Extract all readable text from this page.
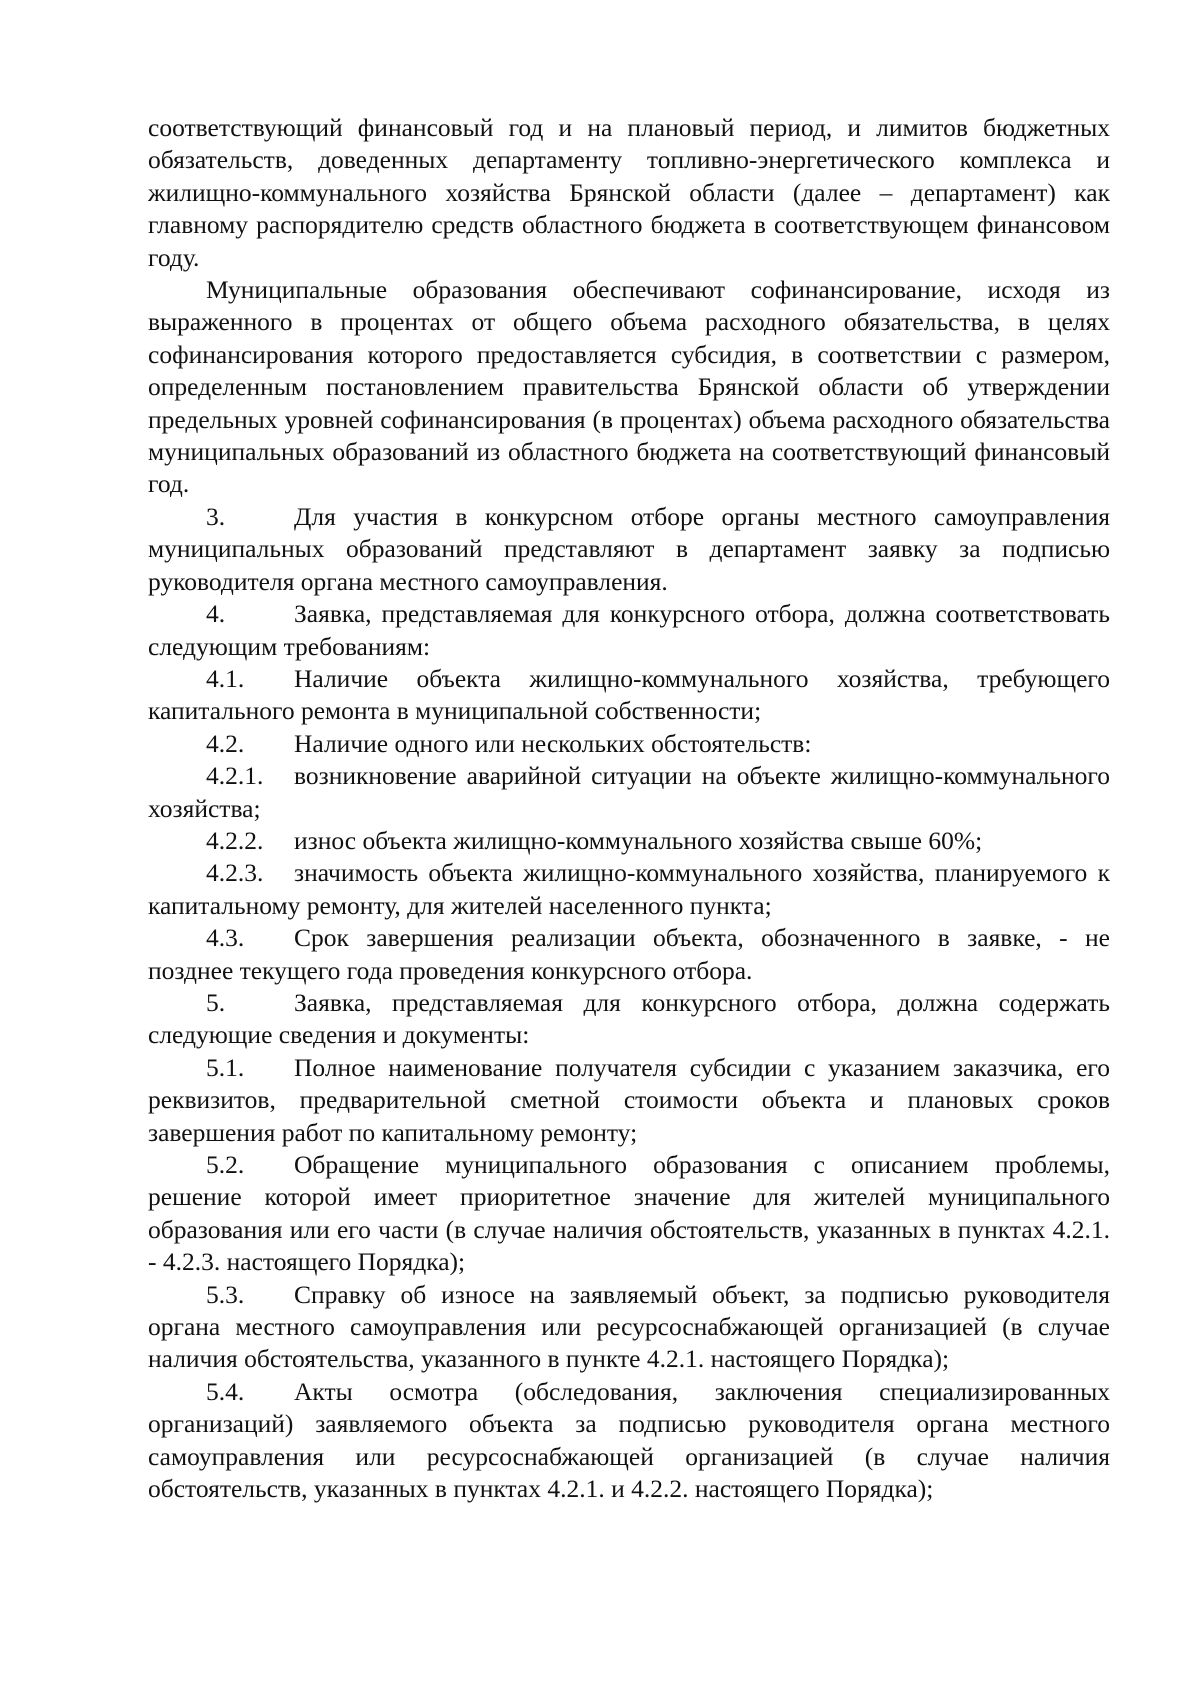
соответствующий финансовый год и на плановый период, и лимитов бюджетных обязательств, доведенных департаменту топливно-энергетического комплекса и жилищно-коммунального хозяйства Брянской области (далее – департамент) как главному распорядителю средств областного бюджета в соответствующем финансовом году.

Муниципальные образования обеспечивают софинансирование, исходя из выраженного в процентах от общего объема расходного обязательства, в целях софинансирования которого предоставляется субсидия, в соответствии с размером, определенным постановлением правительства Брянской области об утверждении предельных уровней софинансирования (в процентах) объема расходного обязательства муниципальных образований из областного бюджета на соответствующий финансовый год.

3.	Для участия в конкурсном отборе органы местного самоуправления муниципальных образований представляют в департамент заявку за подписью руководителя органа местного самоуправления.

4.	Заявка, представляемая для конкурсного отбора, должна соответствовать следующим требованиям:

4.1. Наличие объекта жилищно-коммунального хозяйства, требующего капитального ремонта в муниципальной собственности;

4.2. Наличие одного или нескольких обстоятельств:

4.2.1. возникновение аварийной ситуации на объекте жилищно-коммунального хозяйства;

4.2.2. износ объекта жилищно-коммунального хозяйства свыше 60%;

4.2.3. значимость объекта жилищно-коммунального хозяйства, планируемого к капитальному ремонту, для жителей населенного пункта;

4.3. Срок завершения реализации объекта, обозначенного в заявке, - не позднее текущего года проведения конкурсного отбора.

5.	Заявка, представляемая для конкурсного отбора, должна содержать следующие сведения и документы:

5.1. Полное наименование получателя субсидии с указанием заказчика, его реквизитов, предварительной сметной стоимости объекта и плановых сроков завершения работ по капитальному ремонту;

5.2. Обращение муниципального образования с описанием проблемы, решение которой имеет приоритетное значение для жителей муниципального образования или его части (в случае наличия обстоятельств, указанных в пунктах 4.2.1. - 4.2.3. настоящего Порядка);

5.3. Справку об износе на заявляемый объект, за подписью руководителя органа местного самоуправления или ресурсоснабжающей организацией (в случае наличия обстоятельства, указанного в пункте 4.2.1. настоящего Порядка);

5.4. Акты осмотра (обследования, заключения специализированных организаций) заявляемого объекта за подписью руководителя органа местного самоуправления или ресурсоснабжающей организацией (в случае наличия обстоятельств, указанных в пунктах 4.2.1. и 4.2.2. настоящего Порядка);
